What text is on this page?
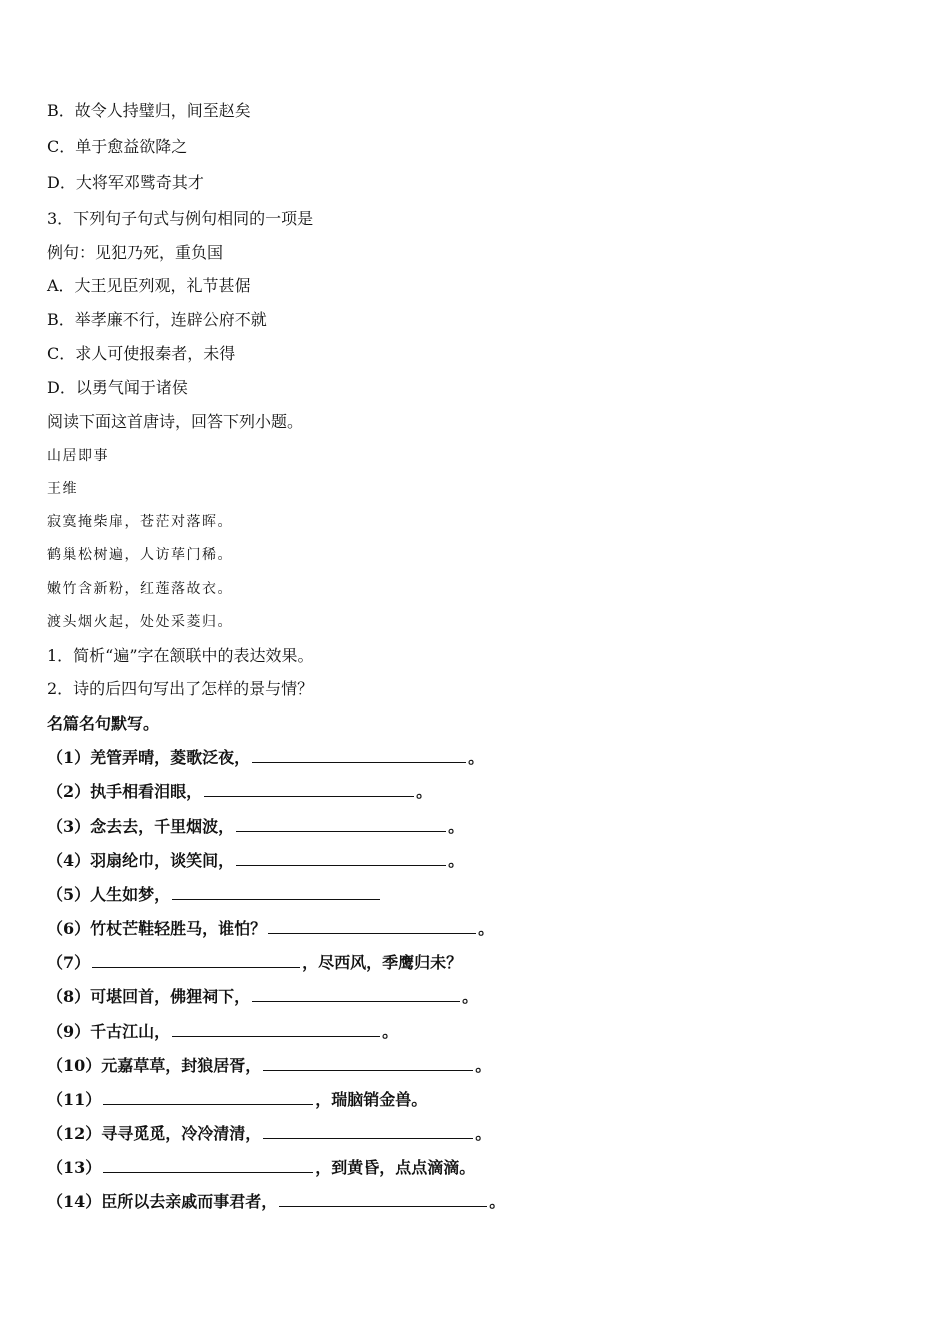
B．故令人持璧归，间至赵矣
C．单于愈益欲降之
D．大将军邓骘奇其才
3．下列句子句式与例句相同的一项是
例句：见犯乃死，重负国
A．大王见臣列观，礼节甚倨
B．举孝廉不行，连辟公府不就
C．求人可使报秦者，未得
D．以勇气闻于诸侯
阅读下面这首唐诗，回答下列小题。
山居即事
王维
寂寞掩柴扉，苍茫对落晖。
鹤巢松树遍，人访荜门稀。
嫩竹含新粉，红莲落故衣。
渡头烟火起，处处采菱归。
1．简析“遍”字在颔联中的表达效果。
2．诗的后四句写出了怎样的景与情？
名篇名句默写。
（1）羌管弄晴，菱歌泛夜，	。
（2）执手相看泪眼，	。
（3）念去去，千里烟波，	。
（4）羽扇纶巾，谈笑间，	。
（5）人生如梦，
（6）竹杖芒鞋轻胜马，谁怕？	。
（7）	，尽西风，季鹰归未？
（8）可堪回首，佛狸祠下，	。
（9）千古江山，	。
（10）元嘉草草，封狼居胥，	。
（11）	，瑞脑销金兽。
（12）寻寻觅觅，冷冷清清，	。
（13）	，到黄昏，点点滴滴。
（14）臣所以去亲戚而事君者，	。
